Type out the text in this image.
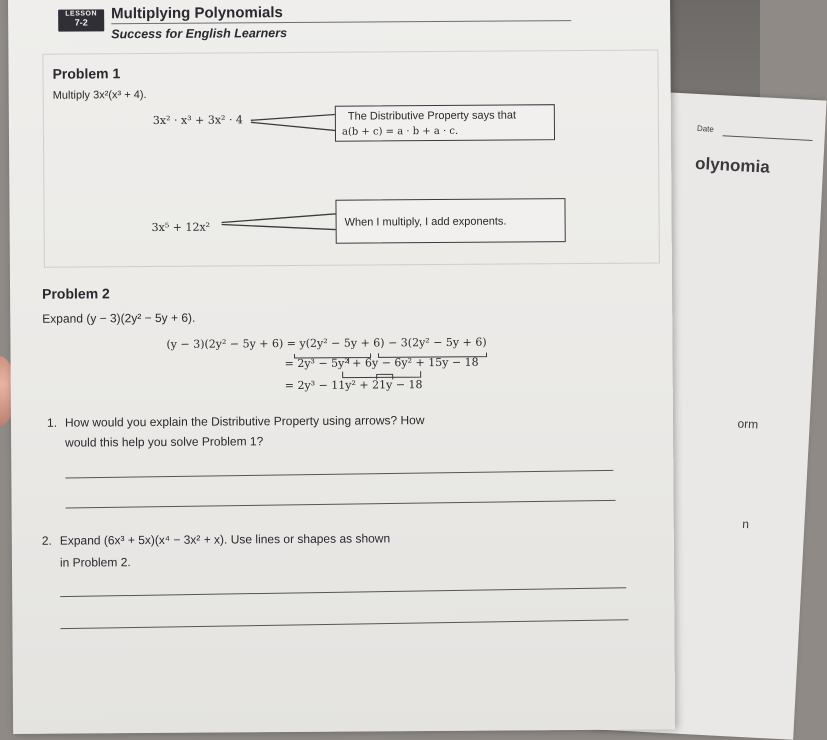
Date
olynomia
orm
n
LESSON
7-2
Multiplying Polynomials
Success for English Learners
Problem 1
Multiply 3x²(x³ + 4).
3x² · x³ + 3x² · 4	The Distributive Property says that
a(b + c) = a · b + a · c.
3x⁵ + 12x²	When I multiply, I add exponents.
Problem 2
Expand (y − 3)(2y² − 5y + 6).
(y − 3)(2y² − 5y + 6) = y(2y² − 5y + 6) − 3(2y² − 5y + 6)
= 2y³ − 5y² + 6y − 6y² + 15y − 18
= 2y³ − 11y² + 21y − 18
1. How would you explain the Distributive Property using arrows? How
would this help you solve Problem 1?
2. Expand (6x³ + 5x)(x⁴ − 3x² + x). Use lines or shapes as shown
in Problem 2.
